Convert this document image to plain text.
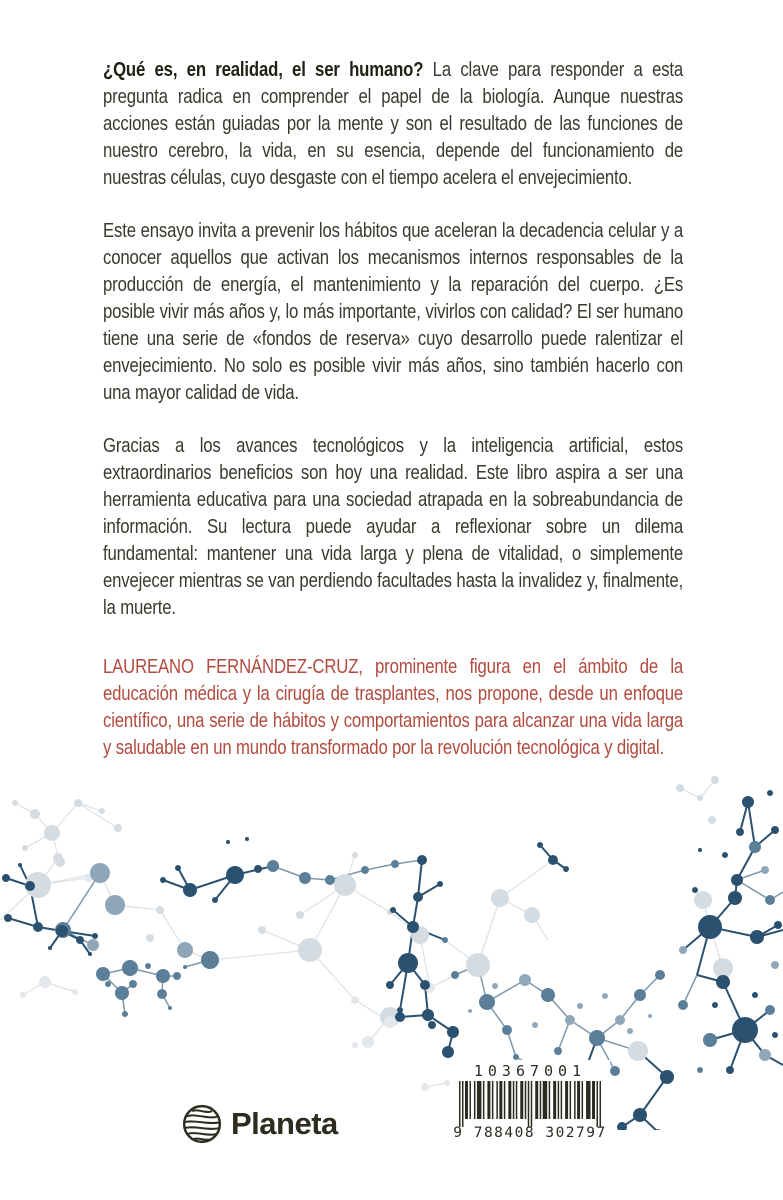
¿Qué es, en realidad, el ser humano? La clave para responder a esta pregunta radica en comprender el papel de la biología. Aunque nuestras acciones están guiadas por la mente y son el resultado de las funciones de nuestro cerebro, la vida, en su esencia, depende del funcionamiento de nuestras células, cuyo desgaste con el tiempo acelera el envejecimiento.

Este ensayo invita a prevenir los hábitos que aceleran la decadencia celular y a conocer aquellos que activan los mecanismos internos responsables de la producción de energía, el mantenimiento y la reparación del cuerpo. ¿Es posible vivir más años y, lo más importante, vivirlos con calidad? El ser humano tiene una serie de «fondos de reserva» cuyo desarrollo puede ralentizar el envejecimiento. No solo es posible vivir más años, sino también hacerlo con una mayor calidad de vida.

Gracias a los avances tecnológicos y la inteligencia artificial, estos extraordinarios beneficios son hoy una realidad. Este libro aspira a ser una herramienta educativa para una sociedad atrapada en la sobreabundancia de información. Su lectura puede ayudar a reflexionar sobre un dilema fundamental: mantener una vida larga y plena de vitalidad, o simplemente envejecer mientras se van perdiendo facultades hasta la invalidez y, finalmente, la muerte.

LAUREANO FERNÁNDEZ-CRUZ, prominente figura en el ámbito de la educación médica y la cirugía de trasplantes, nos propone, desde un enfoque científico, una serie de hábitos y comportamientos para alcanzar una vida larga y saludable en un mundo transformado por la revolución tecnológica y digital.

Planeta
10367001
9 788408 302797
